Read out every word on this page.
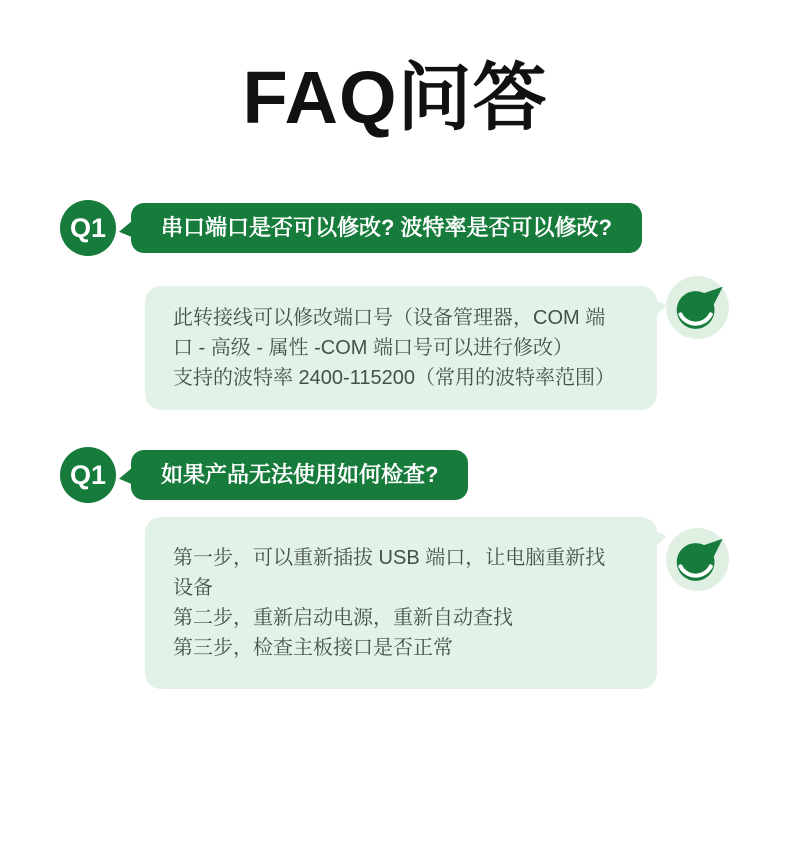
FAQ问答
Q1	串口端口是否可以修改? 波特率是否可以修改?
此转接线可以修改端口号（设备管理器，COM 端
口 - 高级 - 属性 -COM 端口号可以进行修改）
支持的波特率 2400-115200（常用的波特率范围）
Q1	如果产品无法使用如何检查?
第一步，可以重新插拔 USB 端口，让电脑重新找
设备
第二步，重新启动电源，重新自动查找
第三步，检查主板接口是否正常
